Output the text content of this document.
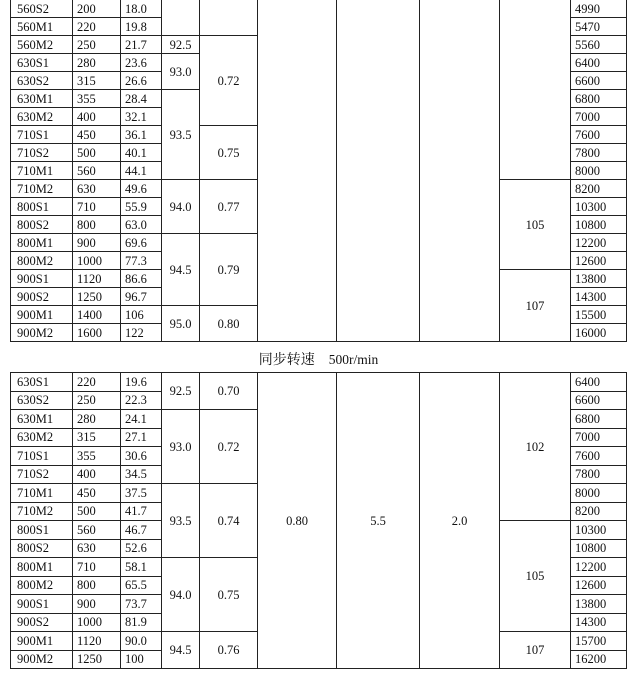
560S2	200	18.0							4990
560M1	220	19.8							5470
560M2	250	21.7	92.5	0.72					5560
630S1	280	23.6	93.0						6400
630S2	315	26.6							6600
630M1	355	28.4	93.5						6800
630M2	400	32.1							7000
710S1	450	36.1		0.75					7600
710S2	500	40.1							7800
710M1	560	44.1							8000
710M2	630	49.6	94.0	0.77				105	8200
800S1	710	55.9							10300
800S2	800	63.0							10800
800M1	900	69.6	94.5	0.79					12200
800M2	1000	77.3							12600
900S1	1120	86.6						107	13800
900S2	1250	96.7							14300
900M1	1400	106	95.0	0.80					15500
900M2	1600	122							16000
同步转速 500r/min
630S1	220	19.6	92.5	0.70	0.80	5.5	2.0	102	6400
630S2	250	22.3							6600
630M1	280	24.1	93.0	0.72					6800
630M2	315	27.1							7000
710S1	355	30.6							7600
710S2	400	34.5							7800
710M1	450	37.5	93.5	0.74					8000
710M2	500	41.7							8200
800S1	560	46.7						105	10300
800S2	630	52.6							10800
800M1	710	58.1	94.0	0.75					12200
800M2	800	65.5							12600
900S1	900	73.7							13800
900S2	1000	81.9							14300
900M1	1120	90.0	94.5	0.76				107	15700
900M2	1250	100							16200
